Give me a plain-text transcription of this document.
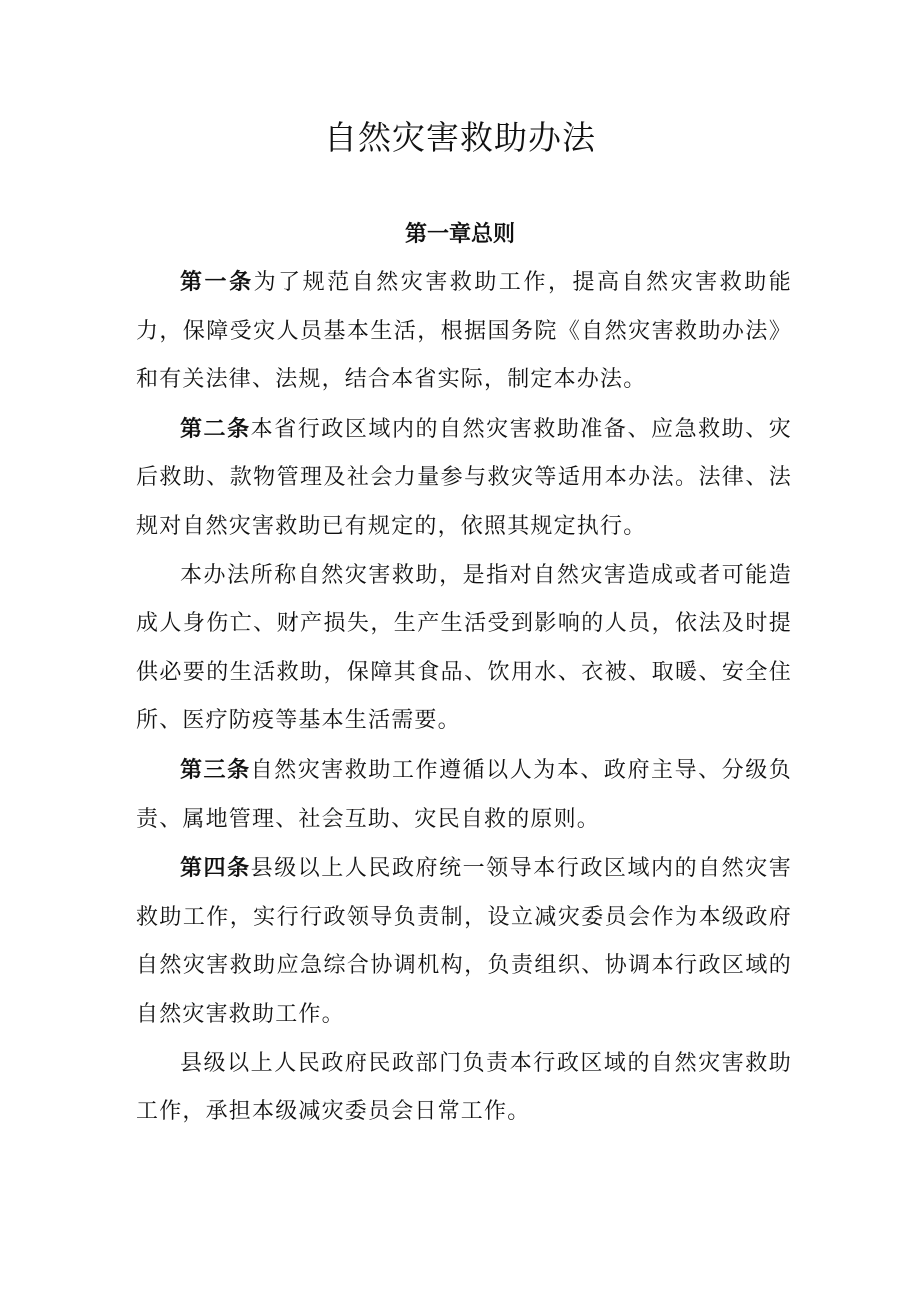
自然灾害救助办法
第一章总则

第一条为了规范自然灾害救助工作，提高自然灾害救助能力，保障受灾人员基本生活，根据国务院《自然灾害救助办法》和有关法律、法规，结合本省实际，制定本办法。

第二条本省行政区域内的自然灾害救助准备、应急救助、灾后救助、款物管理及社会力量参与救灾等适用本办法。法律、法规对自然灾害救助已有规定的，依照其规定执行。

本办法所称自然灾害救助，是指对自然灾害造成或者可能造成人身伤亡、财产损失，生产生活受到影响的人员，依法及时提供必要的生活救助，保障其食品、饮用水、衣被、取暖、安全住所、医疗防疫等基本生活需要。

第三条自然灾害救助工作遵循以人为本、政府主导、分级负责、属地管理、社会互助、灾民自救的原则。

第四条县级以上人民政府统一领导本行政区域内的自然灾害救助工作，实行行政领导负责制，设立减灾委员会作为本级政府自然灾害救助应急综合协调机构，负责组织、协调本行政区域的自然灾害救助工作。

县级以上人民政府民政部门负责本行政区域的自然灾害救助工作，承担本级减灾委员会日常工作。
